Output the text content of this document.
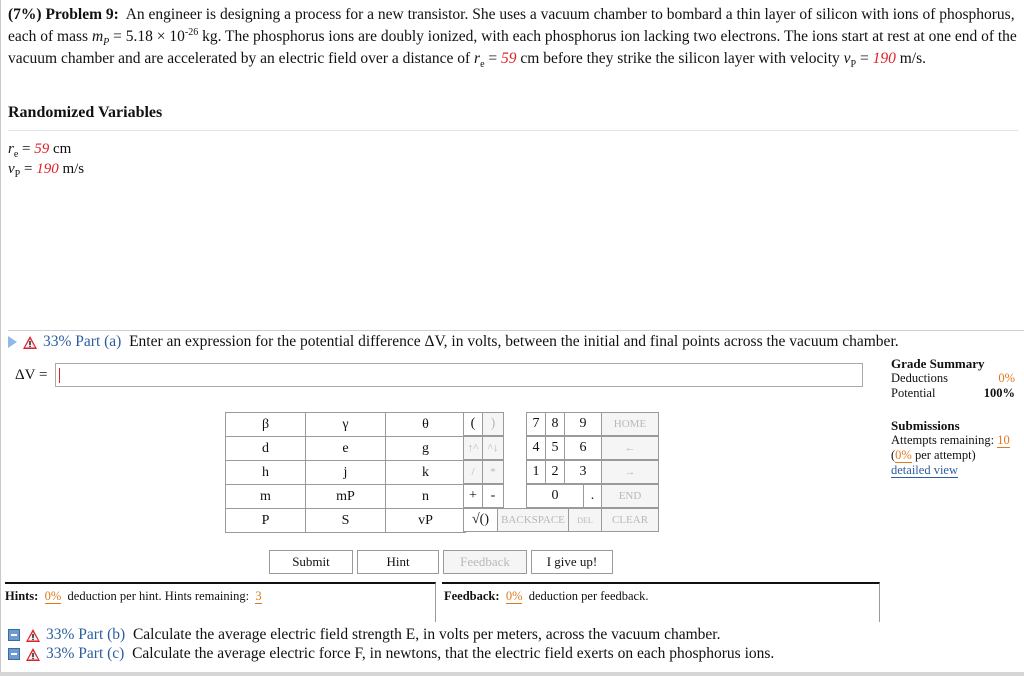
(7%) Problem 9: An engineer is designing a process for a new transistor. She uses a vacuum chamber to bombard a thin layer of silicon with ions of phosphorus, each of mass $m_P = 5.18 \times 10^{-26}$ kg. The phosphorus ions are doubly ionized, with each phosphorus ion lacking two electrons. The ions start at rest at one end of the vacuum chamber and are accelerated by an electric field over a distance of $r_e = 59$ cm before they strike the silicon layer with velocity $v_P = 190$ m/s.
Randomized Variables
$r_e = 59$ cm
$v_P = 190$ m/s
33% Part (a) Enter an expression for the potential difference ΔV, in volts, between the initial and final points across the vacuum chamber.
ΔV =
Grade Summary
Deductions	0%
Potential	100%
Submissions
Attempts remaining: 10
(0% per attempt)
detailed view
β	γ	θ
d	e	g
h	j	k
m	mP	n
P	S	vP
(	)	7 8	9	HOME
↑^ ^↓	4 5	6	←
/	*	1 2	3	→
+ -	0	.	END
√()	BACKSPACE	DEL	CLEAR
Submit	Hint	Feedback	I give up!
Hints: 0% deduction per hint. Hints remaining: 3	Feedback: 0% deduction per feedback.
33% Part (b) Calculate the average electric field strength E, in volts per meters, across the vacuum chamber.
33% Part (c) Calculate the average electric force F, in newtons, that the electric field exerts on each phosphorus ions.
